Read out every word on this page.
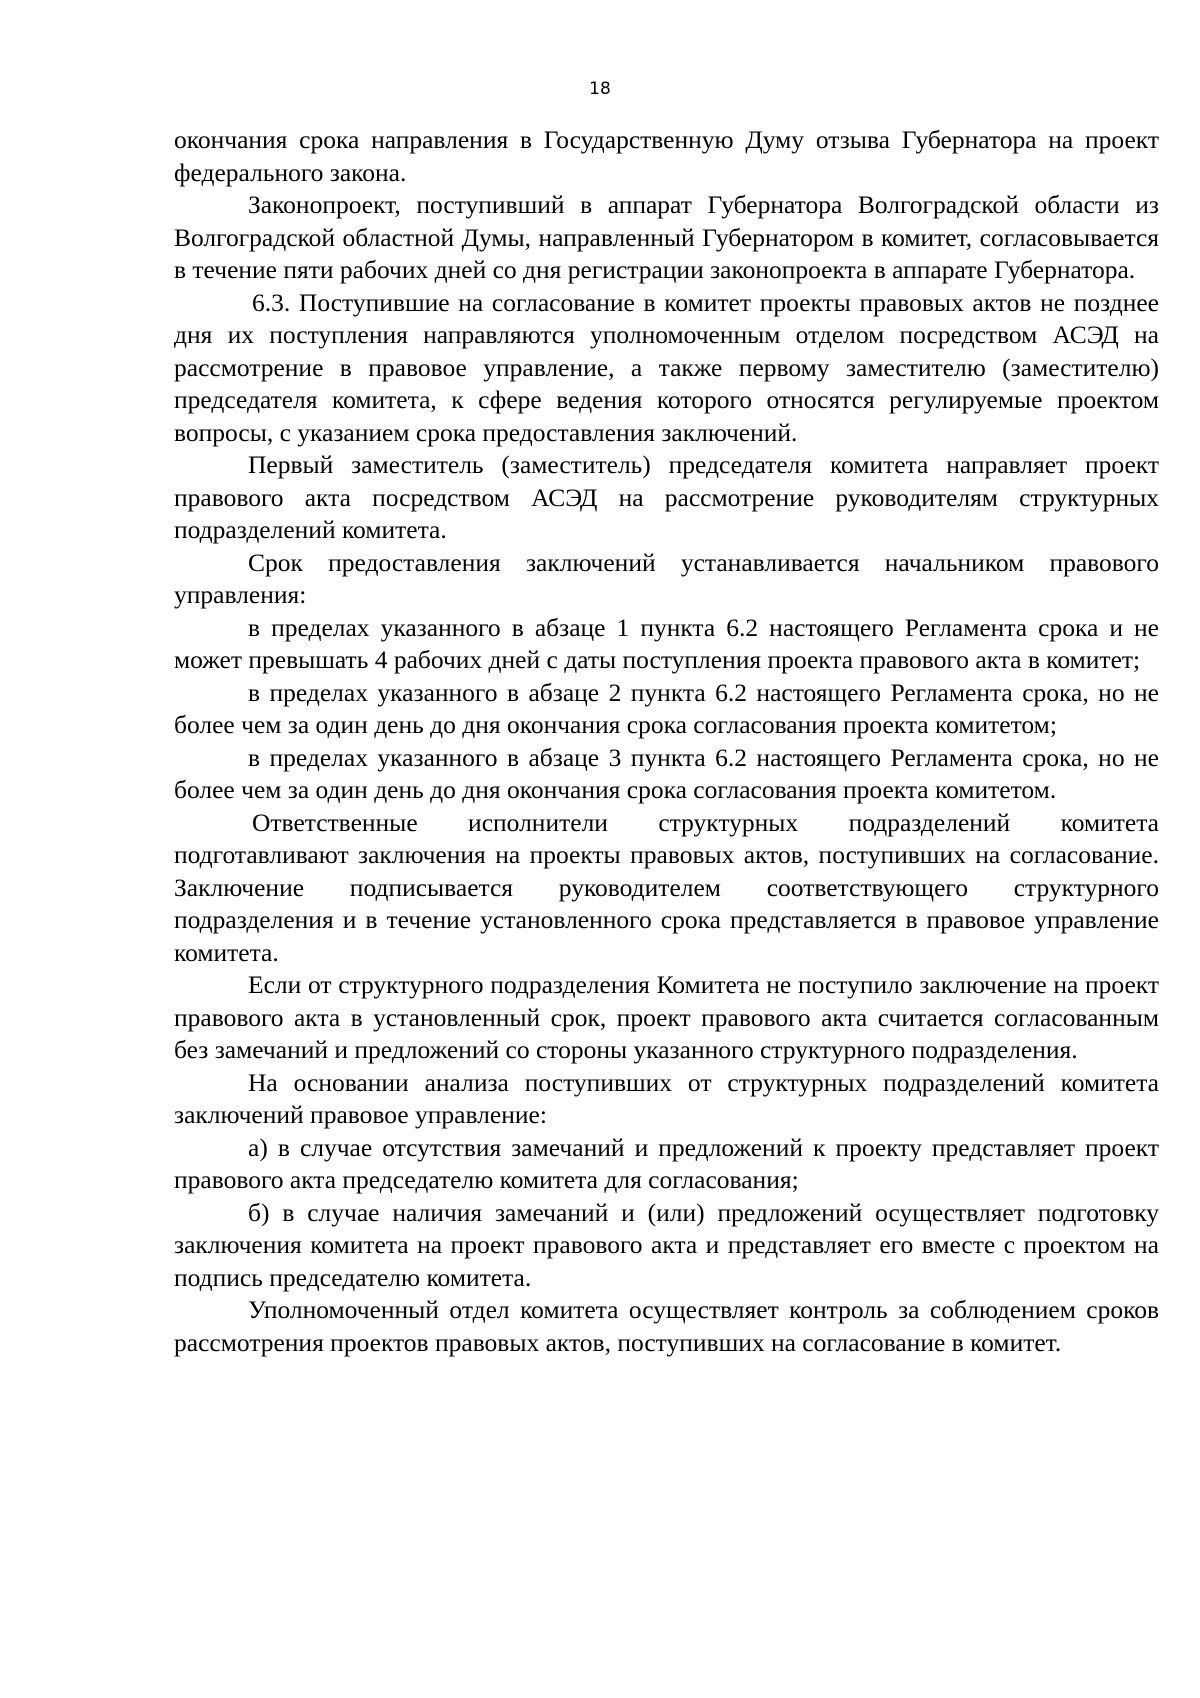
18

окончания срока направления в Государственную Думу отзыва Губернатора на проект федерального закона.

Законопроект, поступивший в аппарат Губернатора Волгоградской области из Волгоградской областной Думы, направленный Губернатором в комитет, согласовывается в течение пяти рабочих дней со дня регистрации законопроекта в аппарате Губернатора.

6.3. Поступившие на согласование в комитет проекты правовых актов не позднее дня их поступления направляются уполномоченным отделом посредством АСЭД на рассмотрение в правовое управление, а также первому заместителю (заместителю) председателя комитета, к сфере ведения которого относятся регулируемые проектом вопросы, с указанием срока предоставления заключений.

Первый заместитель (заместитель) председателя комитета направляет проект правового акта посредством АСЭД на рассмотрение руководителям структурных подразделений комитета.

Срок предоставления заключений устанавливается начальником правового управления:

в пределах указанного в абзаце 1 пункта 6.2 настоящего Регламента срока и не может превышать 4 рабочих дней с даты поступления проекта правового акта в комитет;

в пределах указанного в абзаце 2 пункта 6.2 настоящего Регламента срока, но не более чем за один день до дня окончания срока согласования проекта комитетом;

в пределах указанного в абзаце 3 пункта 6.2 настоящего Регламента срока, но не более чем за один день до дня окончания срока согласования проекта комитетом.

Ответственные исполнители структурных подразделений комитета подготавливают заключения на проекты правовых актов, поступивших на согласование. Заключение подписывается руководителем соответствующего структурного подразделения и в течение установленного срока представляется в правовое управление комитета.

Если от структурного подразделения Комитета не поступило заключение на проект правового акта в установленный срок, проект правового акта считается согласованным без замечаний и предложений со стороны указанного структурного подразделения.

На основании анализа поступивших от структурных подразделений комитета заключений правовое управление:

а) в случае отсутствия замечаний и предложений к проекту представляет проект правового акта председателю комитета для согласования;

б) в случае наличия замечаний и (или) предложений осуществляет подготовку заключения комитета на проект правового акта и представляет его вместе с проектом на подпись председателю комитета.

Уполномоченный отдел комитета осуществляет контроль за соблюдением сроков рассмотрения проектов правовых актов, поступивших на согласование в комитет.
